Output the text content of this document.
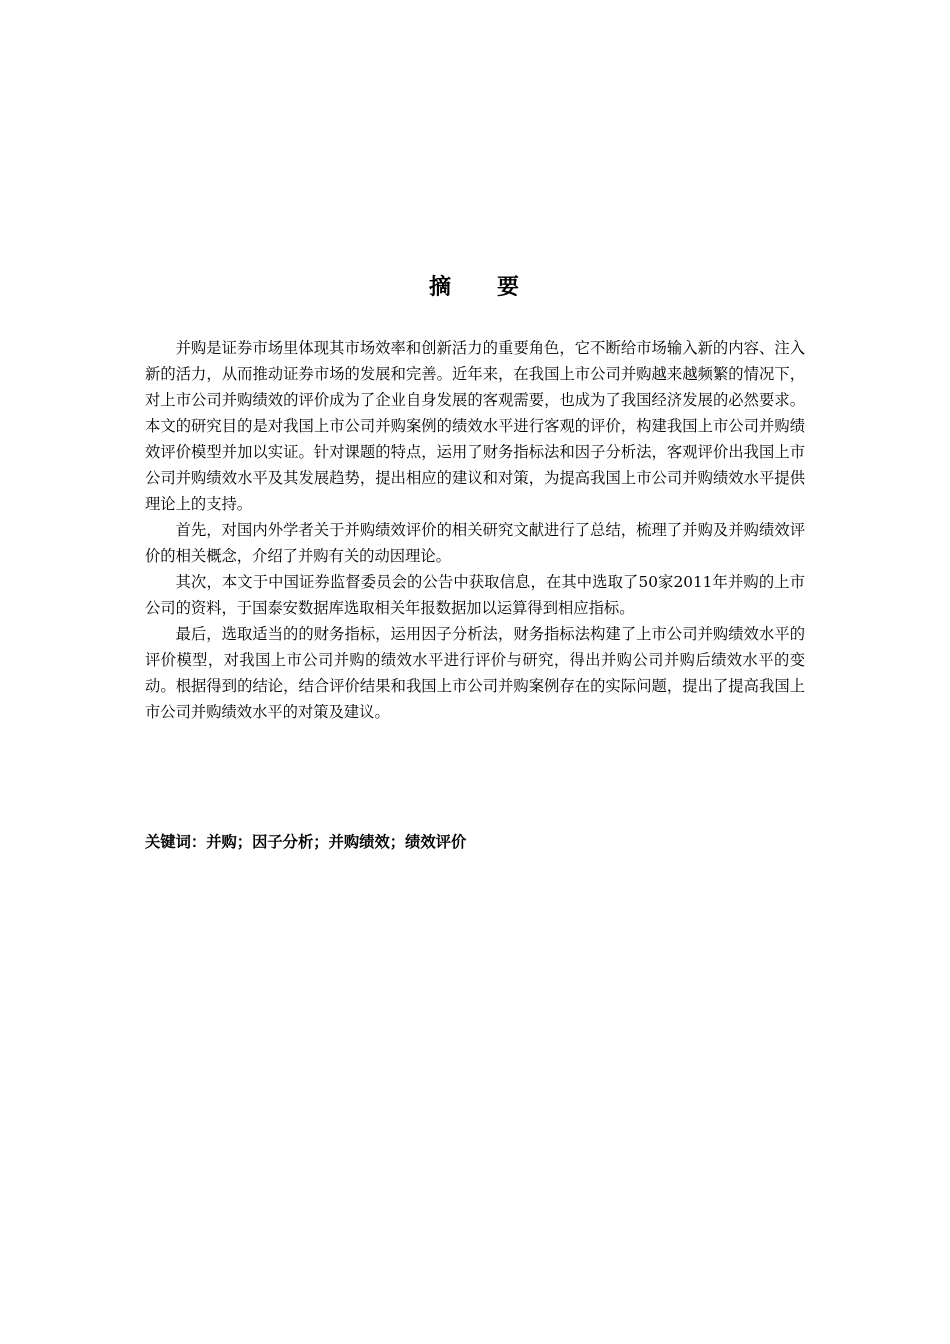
摘 要

并购是证券市场里体现其市场效率和创新活力的重要角色，它不断给市场输入新的内容、注入新的活力，从而推动证券市场的发展和完善。近年来，在我国上市公司并购越来越频繁的情况下，对上市公司并购绩效的评价成为了企业自身发展的客观需要，也成为了我国经济发展的必然要求。本文的研究目的是对我国上市公司并购案例的绩效水平进行客观的评价，构建我国上市公司并购绩效评价模型并加以实证。针对课题的特点，运用了财务指标法和因子分析法，客观评价出我国上市公司并购绩效水平及其发展趋势，提出相应的建议和对策，为提高我国上市公司并购绩效水平提供理论上的支持。

首先，对国内外学者关于并购绩效评价的相关研究文献进行了总结，梳理了并购及并购绩效评价的相关概念，介绍了并购有关的动因理论。

其次，本文于中国证券监督委员会的公告中获取信息，在其中选取了50家2011年并购的上市公司的资料，于国泰安数据库选取相关年报数据加以运算得到相应指标。

最后，选取适当的的财务指标，运用因子分析法，财务指标法构建了上市公司并购绩效水平的评价模型，对我国上市公司并购的绩效水平进行评价与研究，得出并购公司并购后绩效水平的变动。根据得到的结论，结合评价结果和我国上市公司并购案例存在的实际问题，提出了提高我国上市公司并购绩效水平的对策及建议。

关键词：并购；因子分析；并购绩效；绩效评价
